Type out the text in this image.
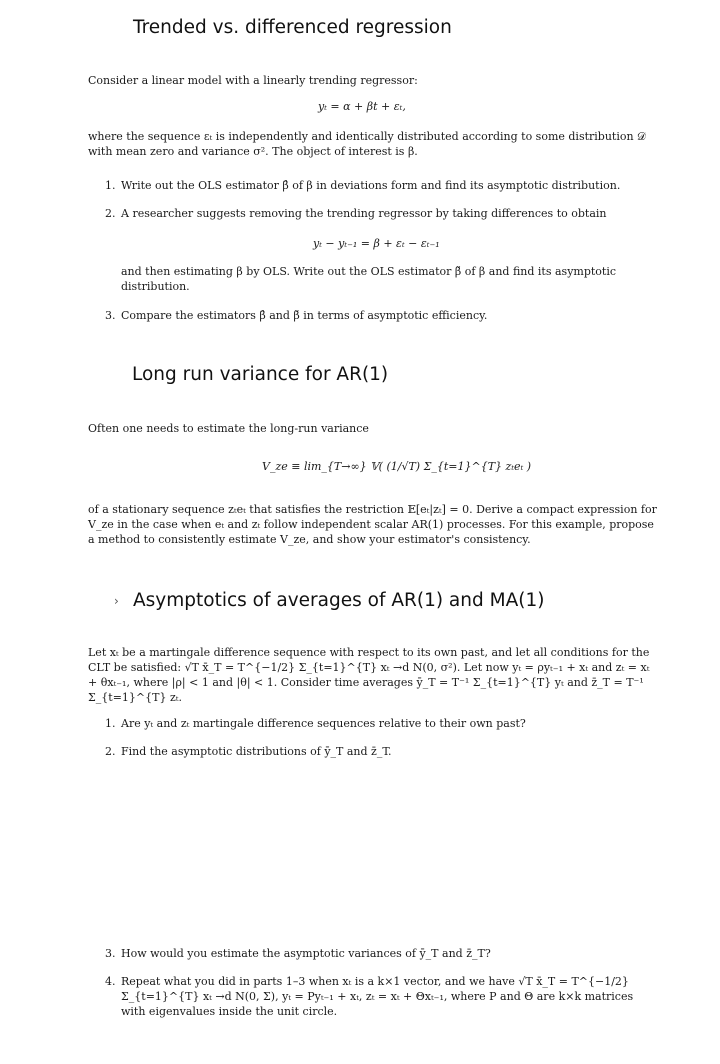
Trended vs. differenced regression
Consider a linear model with a linearly trending regressor:
yₜ = α + βt + εₜ,
where the sequence εₜ is independently and identically distributed according to some distribution 𝒟 with mean zero and variance σ². The object of interest is β.
1. Write out the OLS estimator β̂ of β in deviations form and find its asymptotic distribution.
2. A researcher suggests removing the trending regressor by taking differences to obtain
yₜ − yₜ₋₁ = β + εₜ − εₜ₋₁
and then estimating β by OLS. Write out the OLS estimator β̌ of β and find its asymptotic distribution.
3. Compare the estimators β̂ and β̌ in terms of asymptotic efficiency.
Long run variance for AR(1)
Often one needs to estimate the long-run variance
V_ze ≡ lim_{T→∞} 𝕍( (1/√T) Σ_{t=1}^{T} zₜeₜ )
of a stationary sequence zₜeₜ that satisfies the restriction 𝔼[eₜ|zₜ] = 0. Derive a compact expression for V_ze in the case when eₜ and zₜ follow independent scalar AR(1) processes. For this example, propose a method to consistently estimate V_ze, and show your estimator's consistency.
› Asymptotics of averages of AR(1) and MA(1)
Let xₜ be a martingale difference sequence with respect to its own past, and let all conditions for the CLT be satisfied: √T x̄_T = T^{−1/2} Σ_{t=1}^{T} xₜ →d N(0, σ²). Let now yₜ = ρyₜ₋₁ + xₜ and zₜ = xₜ + θxₜ₋₁, where |ρ| < 1 and |θ| < 1. Consider time averages ȳ_T = T⁻¹ Σ_{t=1}^{T} yₜ and z̄_T = T⁻¹ Σ_{t=1}^{T} zₜ.
1. Are yₜ and zₜ martingale difference sequences relative to their own past?
2. Find the asymptotic distributions of ȳ_T and z̄_T.
3. How would you estimate the asymptotic variances of ȳ_T and z̄_T?
4. Repeat what you did in parts 1–3 when xₜ is a k×1 vector, and we have √T x̄_T = T^{−1/2} Σ_{t=1}^{T} xₜ →d N(0, Σ), yₜ = Pyₜ₋₁ + xₜ, zₜ = xₜ + Θxₜ₋₁, where P and Θ are k×k matrices with eigenvalues inside the unit circle.
